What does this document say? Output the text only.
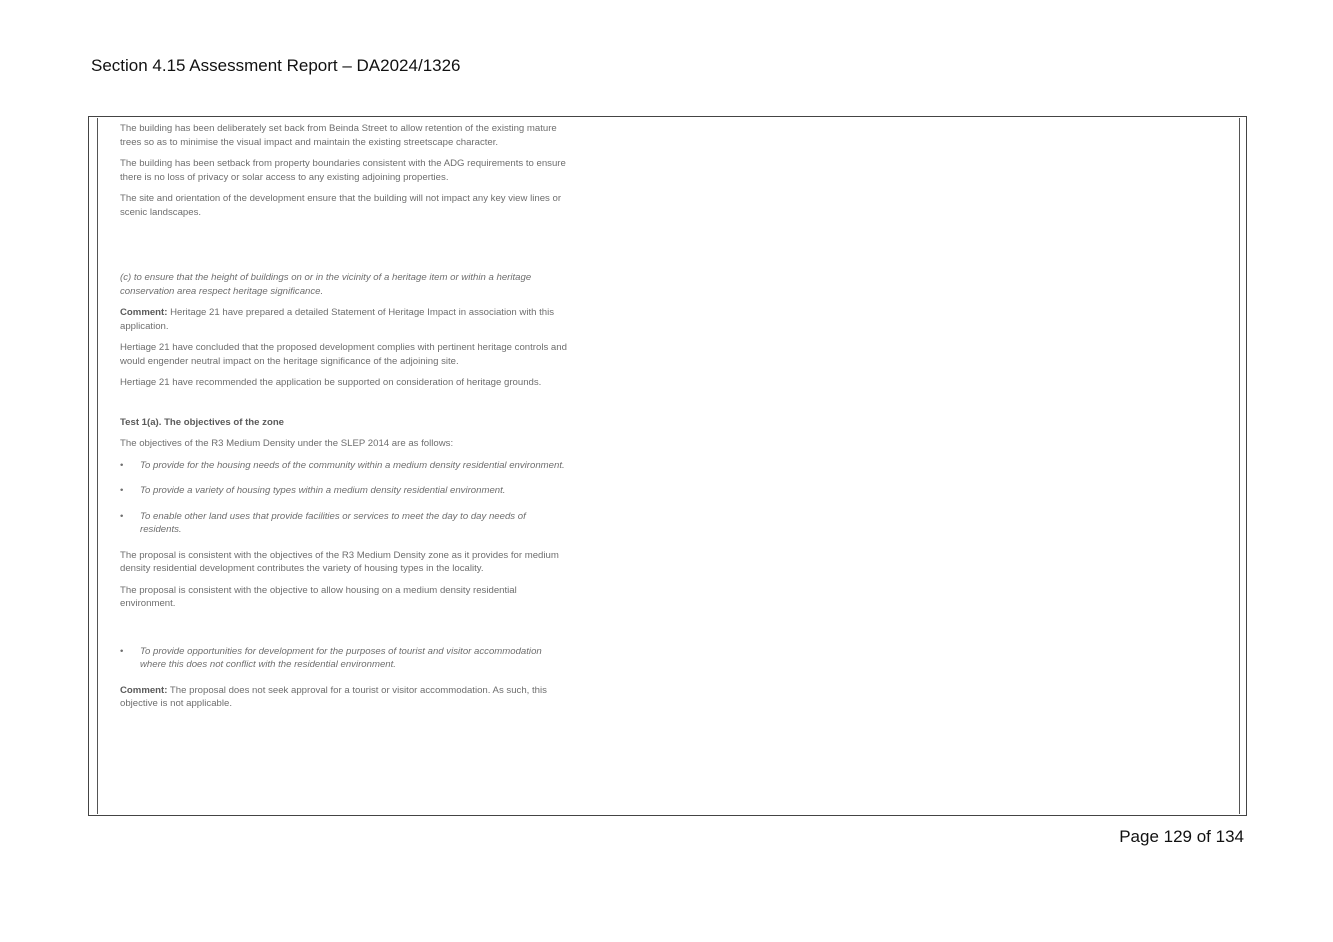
Section 4.15 Assessment Report – DA2024/1326

The building has been deliberately set back from Beinda Street to allow retention of the existing mature trees so as to minimise the visual impact and maintain the existing streetscape character.

The building has been setback from property boundaries consistent with the ADG requirements to ensure there is no loss of privacy or solar access to any existing adjoining properties.

The site and orientation of the development ensure that the building will not impact any key view lines or scenic landscapes.

(c) to ensure that the height of buildings on or in the vicinity of a heritage item or within a heritage conservation area respect heritage significance.

Comment: Heritage 21 have prepared a detailed Statement of Heritage Impact in association with this application.

Hertiage 21 have concluded that the proposed development complies with pertinent heritage controls and would engender neutral impact on the heritage significance of the adjoining site.

Hertiage 21 have recommended the application be supported on consideration of heritage grounds.

Test 1(a). The objectives of the zone

The objectives of the R3 Medium Density under the SLEP 2014 are as follows:

• To provide for the housing needs of the community within a medium density residential environment.
• To provide a variety of housing types within a medium density residential environment.
• To enable other land uses that provide facilities or services to meet the day to day needs of residents.

The proposal is consistent with the objectives of the R3 Medium Density zone as it provides for medium density residential development contributes the variety of housing types in the locality.

The proposal is consistent with the objective to allow housing on a medium density residential environment.

• To provide opportunities for development for the purposes of tourist and visitor accommodation where this does not conflict with the residential environment.

Comment: The proposal does not seek approval for a tourist or visitor accommodation. As such, this objective is not applicable.

Page 129 of 134
